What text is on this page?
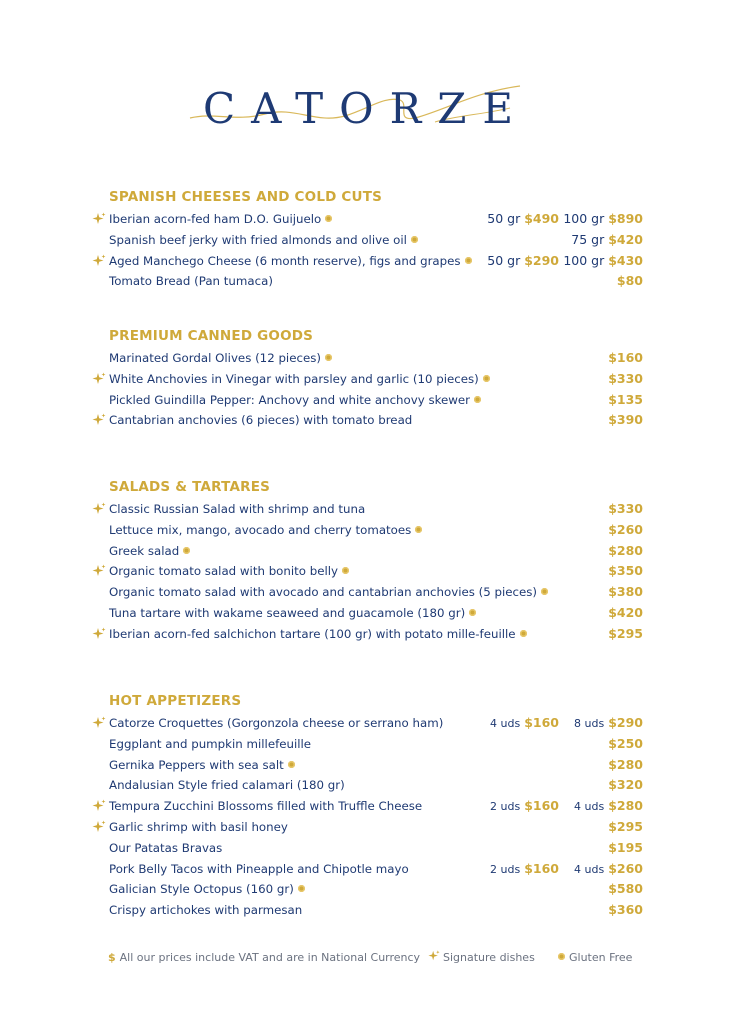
CATORZE
SPANISH CHEESES AND COLD CUTS
Iberian acorn-fed ham D.O. Guijuelo	50 gr $490 100 gr $890
Spanish beef jerky with fried almonds and olive oil	75 gr $420
Aged Manchego Cheese (6 month reserve), figs and grapes	50 gr $290 100 gr $430
Tomato Bread (Pan tumaca)	$80
PREMIUM CANNED GOODS
Marinated Gordal Olives (12 pieces)	$160
White Anchovies in Vinegar with parsley and garlic (10 pieces)	$330
Pickled Guindilla Pepper: Anchovy and white anchovy skewer	$135
Cantabrian anchovies (6 pieces) with tomato bread	$390
SALADS & TARTARES
Classic Russian Salad with shrimp and tuna	$330
Lettuce mix, mango, avocado and cherry tomatoes	$260
Greek salad	$280
Organic tomato salad with bonito belly	$350
Organic tomato salad with avocado and cantabrian anchovies (5 pieces)	$380
Tuna tartare with wakame seaweed and guacamole (180 gr)	$420
Iberian acorn-fed salchichon tartare (100 gr) with potato mille-feuille	$295
HOT APPETIZERS
Catorze Croquettes (Gorgonzola cheese or serrano ham)	4 uds $160 8 uds $290
Eggplant and pumpkin millefeuille	$250
Gernika Peppers with sea salt	$280
Andalusian Style fried calamari (180 gr)	$320
Tempura Zucchini Blossoms filled with Truffle Cheese	2 uds $160 4 uds $280
Garlic shrimp with basil honey	$295
Our Patatas Bravas	$195
Pork Belly Tacos with Pineapple and Chipotle mayo	2 uds $160 4 uds $260
Galician Style Octopus (160 gr)	$580
Crispy artichokes with parmesan	$360
$ All our prices include VAT and are in National Currency	Signature dishes	Gluten Free
